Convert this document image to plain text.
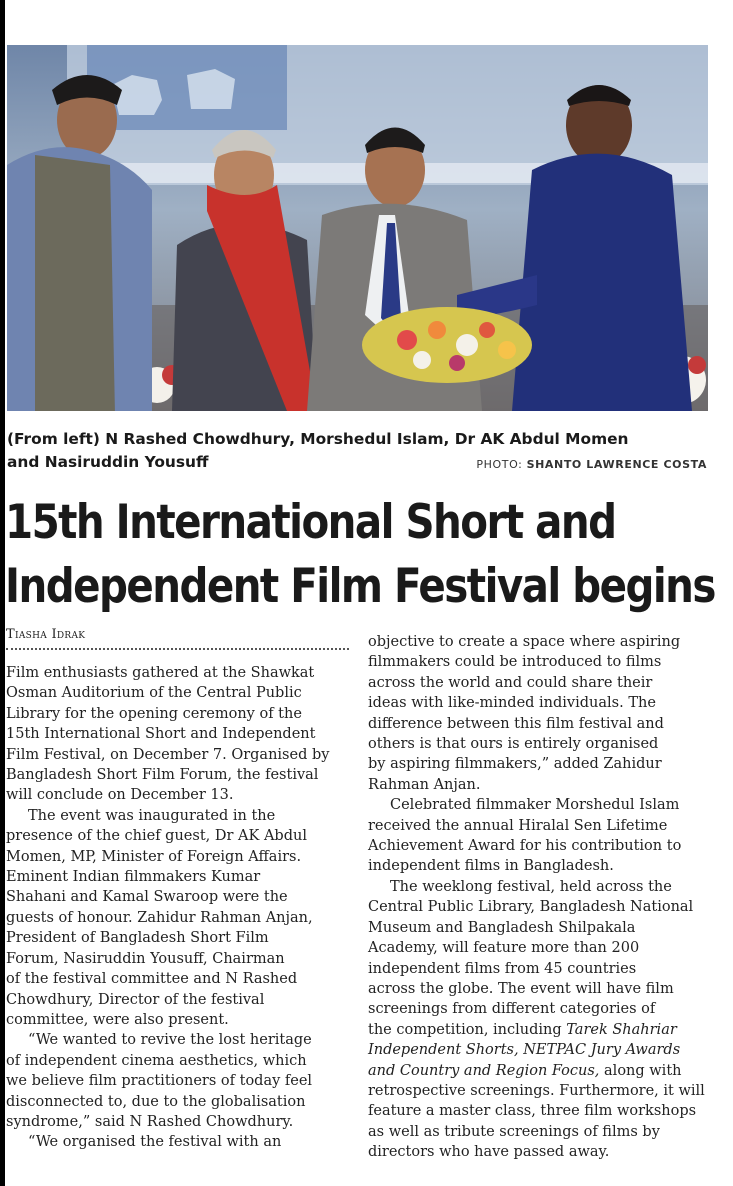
(From left) N Rashed Chowdhury, Morshedul Islam, Dr AK Abdul Momen and Nasiruddin Yousuff	PHOTO: SHANTO LAWRENCE COSTA
15th International Short and
Independent Film Festival begins
Tiasha Idrak
Film enthusiasts gathered at the Shawkat
Osman Auditorium of the Central Public
Library for the opening ceremony of the
15th International Short and Independent
Film Festival, on December 7. Organised by
Bangladesh Short Film Forum, the festival
will conclude on December 13.
The event was inaugurated in the
presence of the chief guest, Dr AK Abdul
Momen, MP, Minister of Foreign Affairs.
Eminent Indian filmmakers Kumar
Shahani and Kamal Swaroop were the
guests of honour. Zahidur Rahman Anjan,
President of Bangladesh Short Film
Forum, Nasiruddin Yousuff, Chairman
of the festival committee and N Rashed
Chowdhury, Director of the festival
committee, were also present.
“We wanted to revive the lost heritage
of independent cinema aesthetics, which
we believe film practitioners of today feel
disconnected to, due to the globalisation
syndrome,” said N Rashed Chowdhury.
“We organised the festival with an
objective to create a space where aspiring
filmmakers could be introduced to films
across the world and could share their
ideas with like-minded individuals. The
difference between this film festival and
others is that ours is entirely organised
by aspiring filmmakers,” added Zahidur
Rahman Anjan.
Celebrated filmmaker Morshedul Islam
received the annual Hiralal Sen Lifetime
Achievement Award for his contribution to
independent films in Bangladesh.
The weeklong festival, held across the
Central Public Library, Bangladesh National
Museum and Bangladesh Shilpakala
Academy, will feature more than 200
independent films from 45 countries
across the globe. The event will have film
screenings from different categories of
the competition, including Tarek Shahriar
Independent Shorts, NETPAC Jury Awards
and Country and Region Focus, along with
retrospective screenings. Furthermore, it will
feature a master class, three film workshops
as well as tribute screenings of films by
directors who have passed away.
